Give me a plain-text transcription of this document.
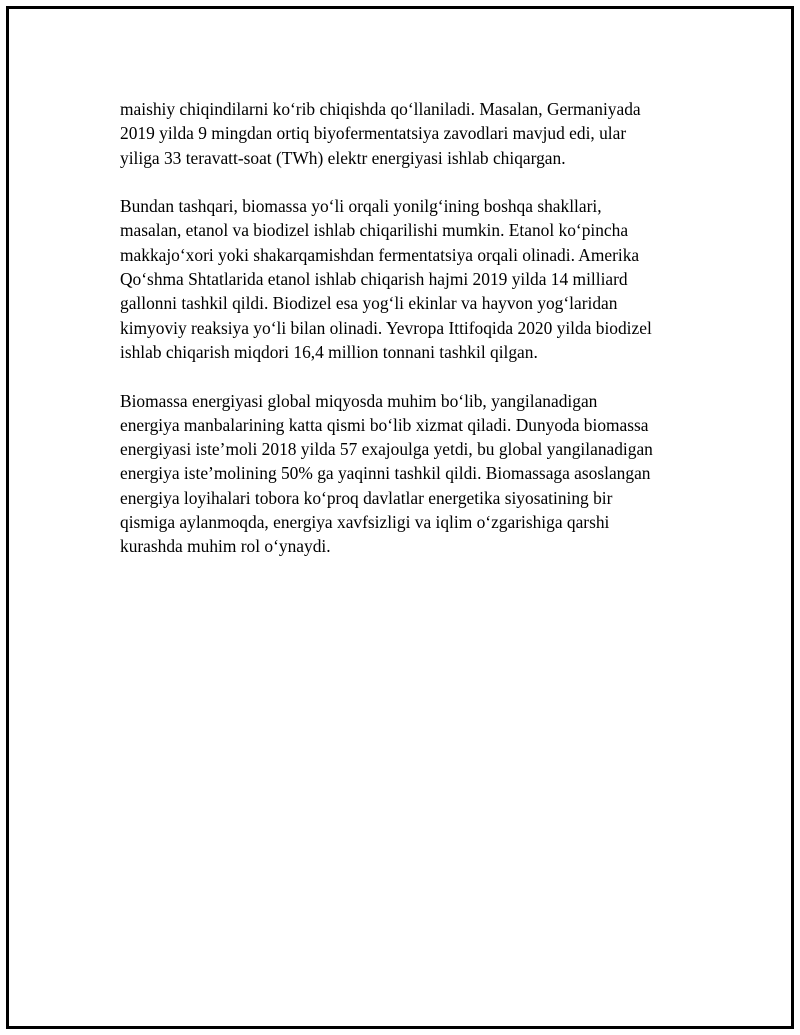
maishiy chiqindilarni ko‘rib chiqishda qo‘llaniladi. Masalan, Germaniyada
2019 yilda 9 mingdan ortiq biyofermentatsiya zavodlari mavjud edi, ular
yiliga 33 teravatt-soat (TWh) elektr energiyasi ishlab chiqargan.

Bundan tashqari, biomassa yo‘li orqali yonilg‘ining boshqa shakllari,
masalan, etanol va biodizel ishlab chiqarilishi mumkin. Etanol ko‘pincha
makkajo‘xori yoki shakarqamishdan fermentatsiya orqali olinadi. Amerika
Qo‘shma Shtatlarida etanol ishlab chiqarish hajmi 2019 yilda 14 milliard
gallonni tashkil qildi. Biodizel esa yog‘li ekinlar va hayvon yog‘laridan
kimyoviy reaksiya yo‘li bilan olinadi. Yevropa Ittifoqida 2020 yilda biodizel
ishlab chiqarish miqdori 16,4 million tonnani tashkil qilgan.

Biomassa energiyasi global miqyosda muhim bo‘lib, yangilanadigan
energiya manbalarining katta qismi bo‘lib xizmat qiladi. Dunyoda biomassa
energiyasi iste’moli 2018 yilda 57 exajoulga yetdi, bu global yangilanadigan
energiya iste’molining 50% ga yaqinni tashkil qildi. Biomassaga asoslangan
energiya loyihalari tobora ko‘proq davlatlar energetika siyosatining bir
qismiga aylanmoqda, energiya xavfsizligi va iqlim o‘zgarishiga qarshi
kurashda muhim rol o‘ynaydi.
